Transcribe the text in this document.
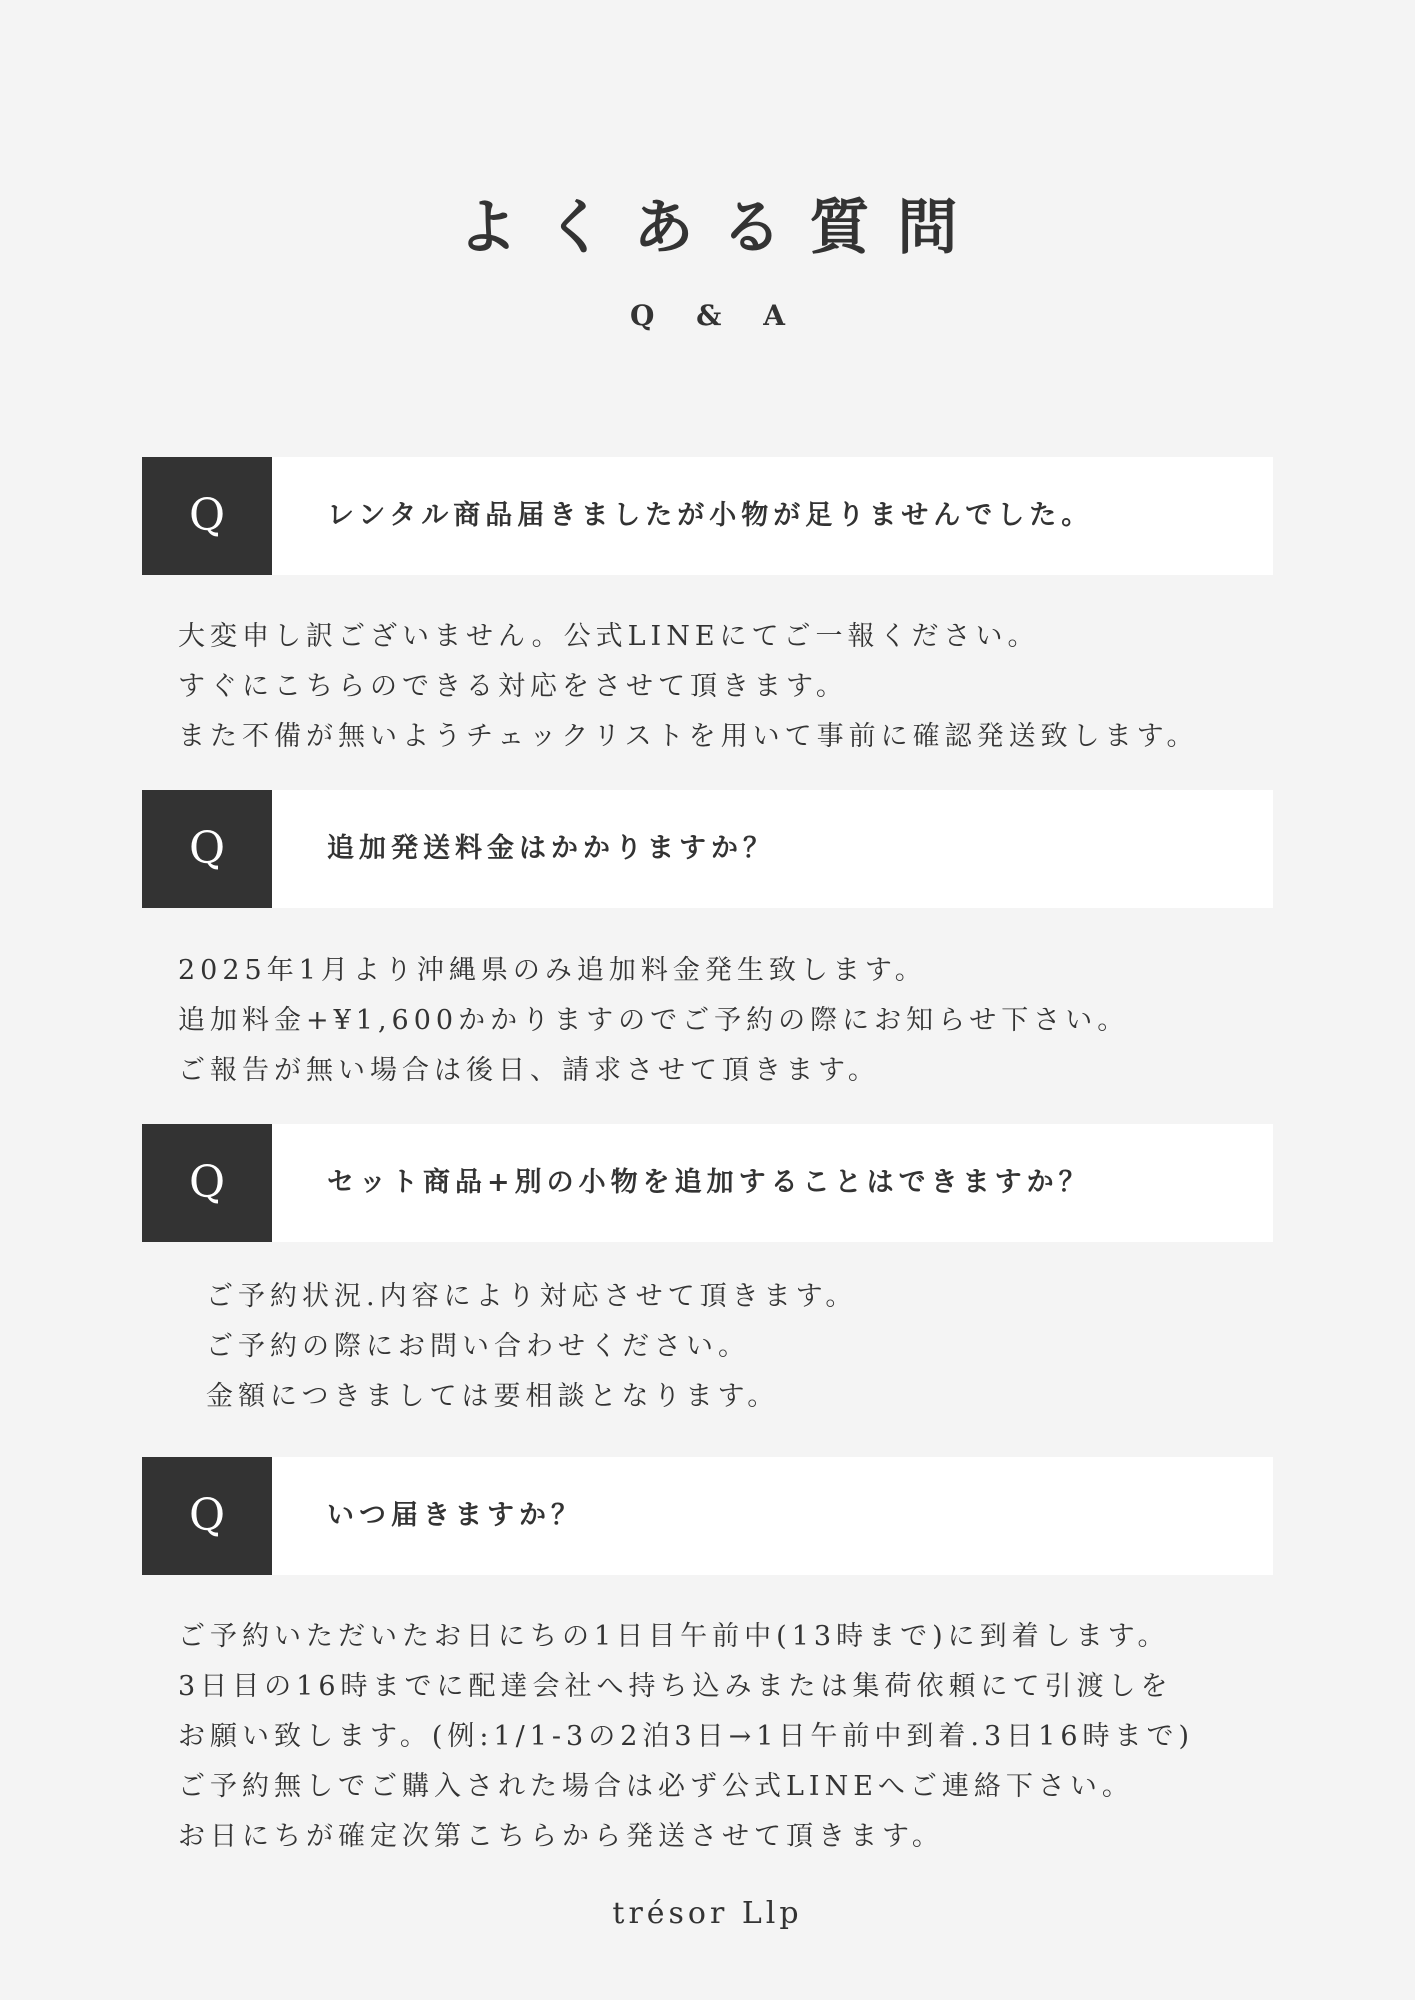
よくある質問
Q & A
Q	レンタル商品届きましたが小物が足りませんでした。
大変申し訳ございません。公式LINEにてご一報ください。
すぐにこちらのできる対応をさせて頂きます。
また不備が無いようチェックリストを用いて事前に確認発送致します。
Q	追加発送料金はかかりますか？
2025年1月より沖縄県のみ追加料金発生致します。
追加料金+¥1,600かかりますのでご予約の際にお知らせ下さい。
ご報告が無い場合は後日、請求させて頂きます。
Q	セット商品+別の小物を追加することはできますか？
ご予約状況.内容により対応させて頂きます。
ご予約の際にお問い合わせください。
金額につきましては要相談となります。
Q	いつ届きますか？
ご予約いただいたお日にちの1日目午前中(13時まで)に到着します。
3日目の16時までに配達会社へ持ち込みまたは集荷依頼にて引渡しを
お願い致します。(例:1/1-3の2泊3日→1日午前中到着.3日16時まで)
ご予約無しでご購入された場合は必ず公式LINEへご連絡下さい。
お日にちが確定次第こちらから発送させて頂きます。
trésor Llp
